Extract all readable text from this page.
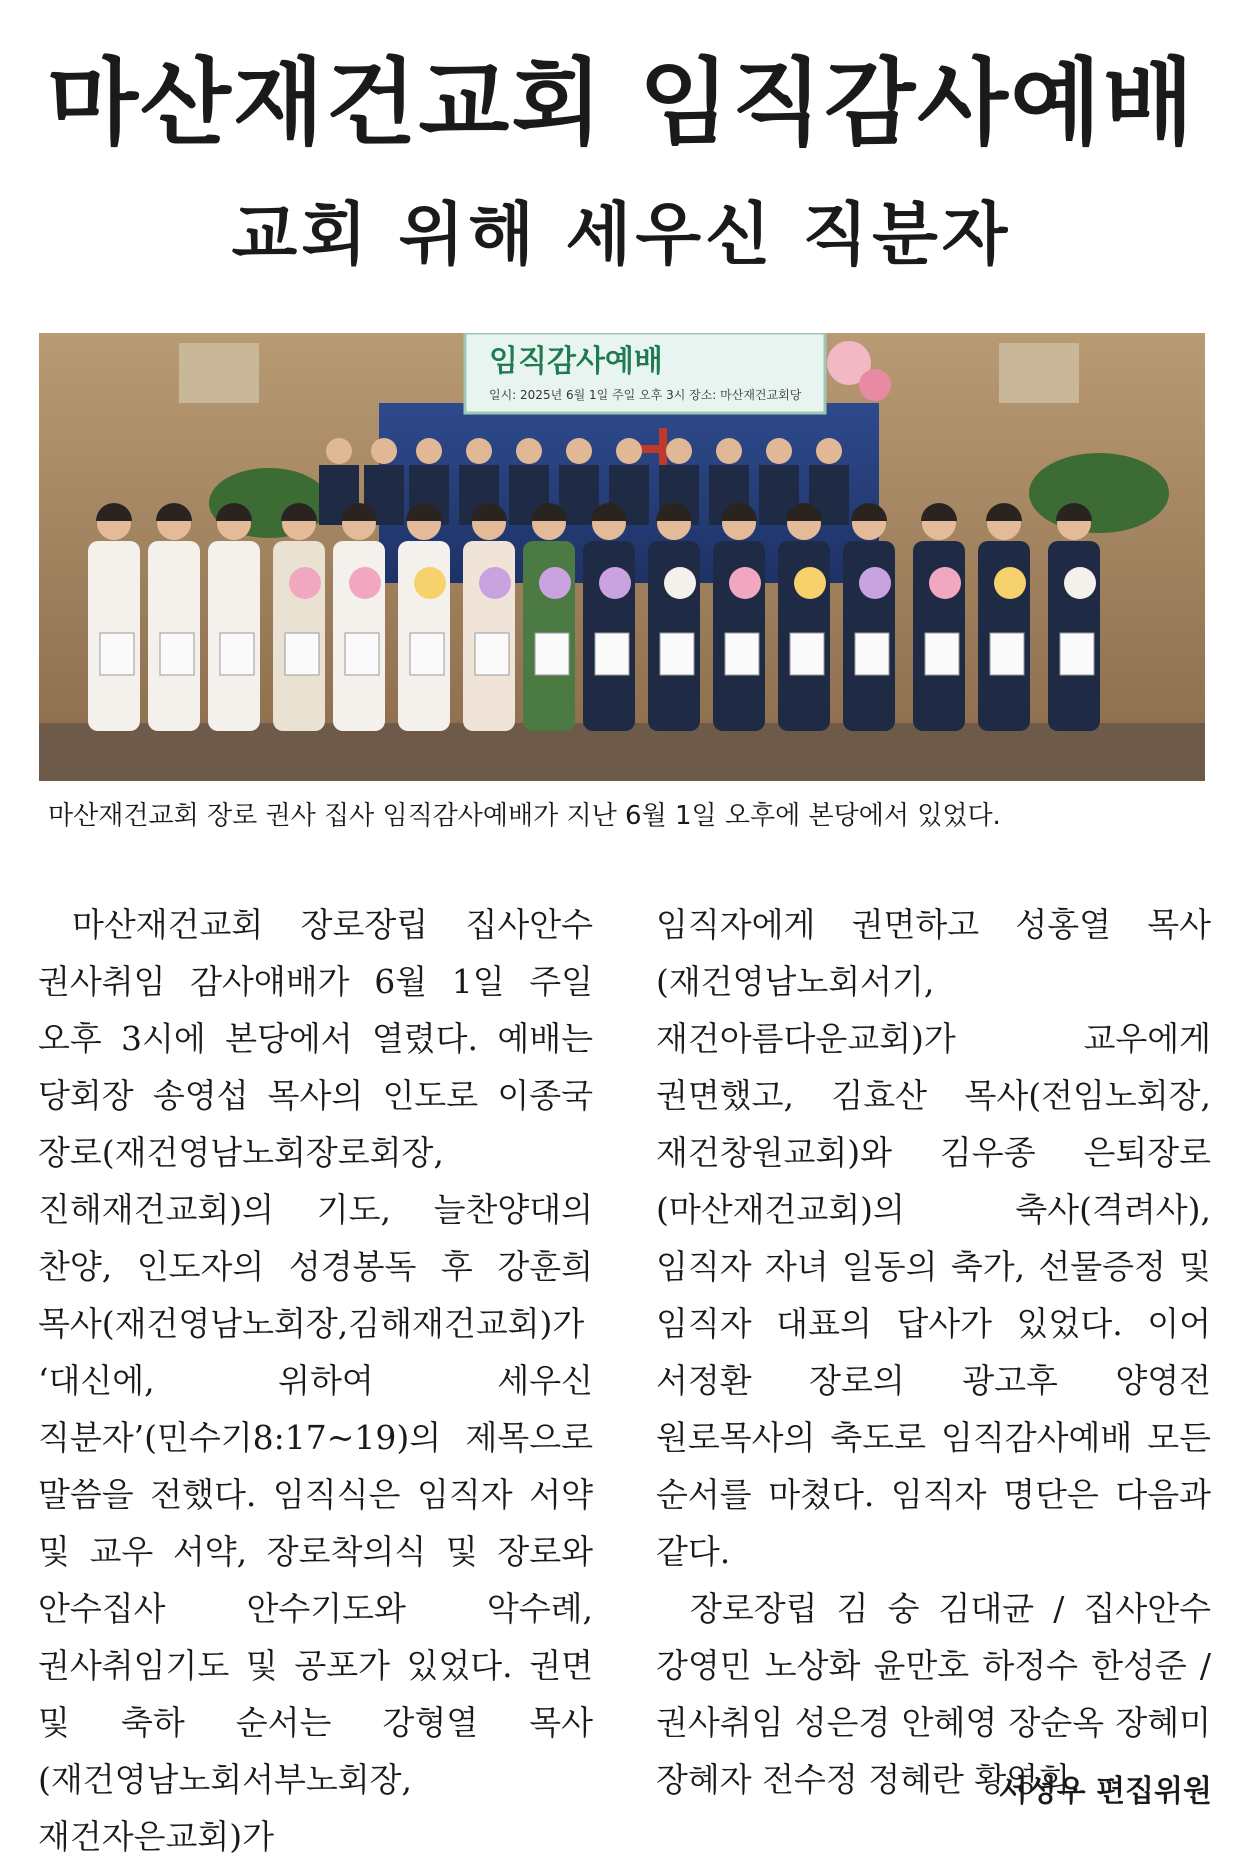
마산재건교회 임직감사예배
교회 위해 세우신 직분자
임직감사예배
일시: 2025년 6월 1일 주일 오후 3시 장소: 마산재건교회당
마산재건교회 장로 권사 집사 임직감사예배가 지난 6월 1일 오후에 본당에서 있었다.

마산재건교회 장로장립 집사안수 권사취임 감사얘배가 6월 1일 주일 오후 3시에 본당에서 열렸다. 예배는 당회장 송영섭 목사의 인도로 이종국 장로(재건영남노회장로회장, 진해재건교회)의 기도, 늘찬양대의 찬양, 인도자의 성경봉독 후 강훈희 목사(재건영남노회장,김해재건교회)가 ‘대신에, 위하여 세우신 직분자’(민수기8:17~19)의 제목으로 말씀을 전했다. 임직식은 임직자 서약 및 교우 서약, 장로착의식 및 장로와 안수집사 안수기도와 악수례, 권사취임기도 및 공포가 있었다. 권면 및 축하 순서는 강형열 목사(재건영남노회서부노회장,재건자은교회)가

임직자에게 권면하고 성홍열 목사(재건영남노회서기, 재건아름다운교회)가 교우에게 권면했고, 김효산 목사(전임노회장,재건창원교회)와 김우종 은퇴장로(마산재건교회)의 축사(격려사), 임직자 자녀 일동의 축가, 선물증정 및 임직자 대표의 답사가 있었다. 이어 서정환 장로의 광고후 양영전 원로목사의 축도로 임직감사예배 모든 순서를 마쳤다. 임직자 명단은 다음과 같다.

장로장립 김 숭 김대균 / 집사안수 강영민 노상화 윤만호 하정수 한성준 / 권사취임 성은경 안혜영 장순옥 장혜미 장혜자 전수정 정혜란 황영희.

서성우 편집위원
